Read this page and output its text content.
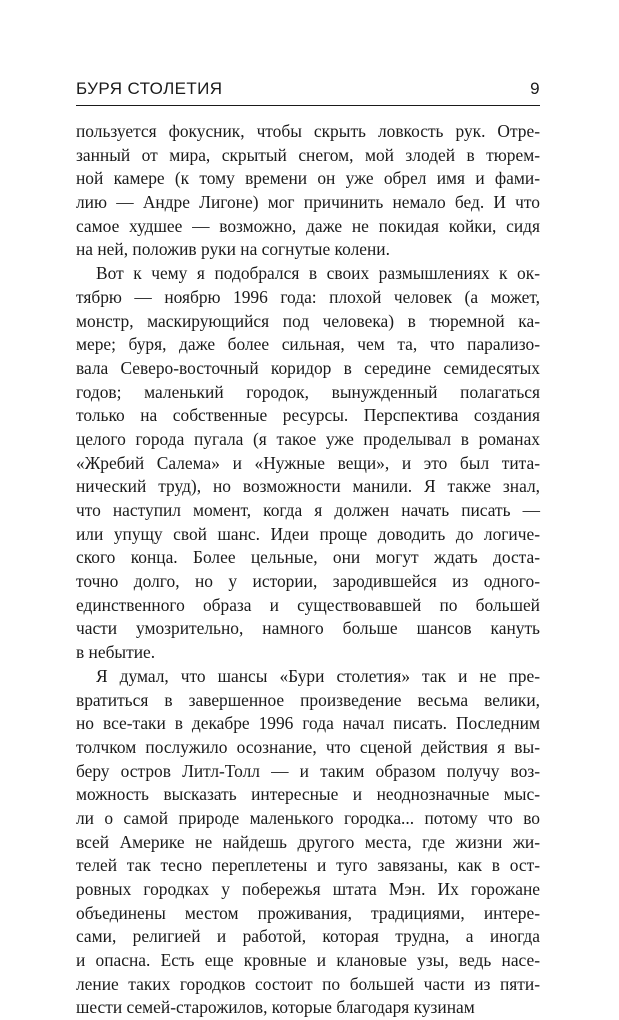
БУРЯ СТОЛЕТИЯ	9
пользуется фокусник, чтобы скрыть ловкость рук. Отре-
занный от мира, скрытый снегом, мой злодей в тюрем-
ной камере (к тому времени он уже обрел имя и фами-
лию — Андре Лигоне) мог причинить немало бед. И что
самое худшее — возможно, даже не покидая койки, сидя
на ней, положив руки на согнутые колени.
Вот к чему я подобрался в своих размышлениях к ок-
тябрю — ноябрю 1996 года: плохой человек (а может,
монстр, маскирующийся под человека) в тюремной ка-
мере; буря, даже более сильная, чем та, что парализо-
вала Северо-восточный коридор в середине семидесятых
годов; маленький городок, вынужденный полагаться
только на собственные ресурсы. Перспектива создания
целого города пугала (я такое уже проделывал в романах
«Жребий Салема» и «Нужные вещи», и это был тита-
нический труд), но возможности манили. Я также знал,
что наступил момент, когда я должен начать писать —
или упущу свой шанс. Идеи проще доводить до логиче-
ского конца. Более цельные, они могут ждать доста-
точно долго, но у истории, зародившейся из одного-
единственного образа и существовавшей по большей
части умозрительно, намного больше шансов кануть
в небытие.
Я думал, что шансы «Бури столетия» так и не пре-
вратиться в завершенное произведение весьма велики,
но все-таки в декабре 1996 года начал писать. Последним
толчком послужило осознание, что сценой действия я вы-
беру остров Литл-Толл — и таким образом получу воз-
можность высказать интересные и неоднозначные мыс-
ли о самой природе маленького городка... потому что во
всей Америке не найдешь другого места, где жизни жи-
телей так тесно переплетены и туго завязаны, как в ост-
ровных городках у побережья штата Мэн. Их горожане
объединены местом проживания, традициями, интере-
сами, религией и работой, которая трудна, а иногда
и опасна. Есть еще кровные и клановые узы, ведь насе-
ление таких городков состоит по большей части из пяти-
шести семей-старожилов, которые благодаря кузинам
